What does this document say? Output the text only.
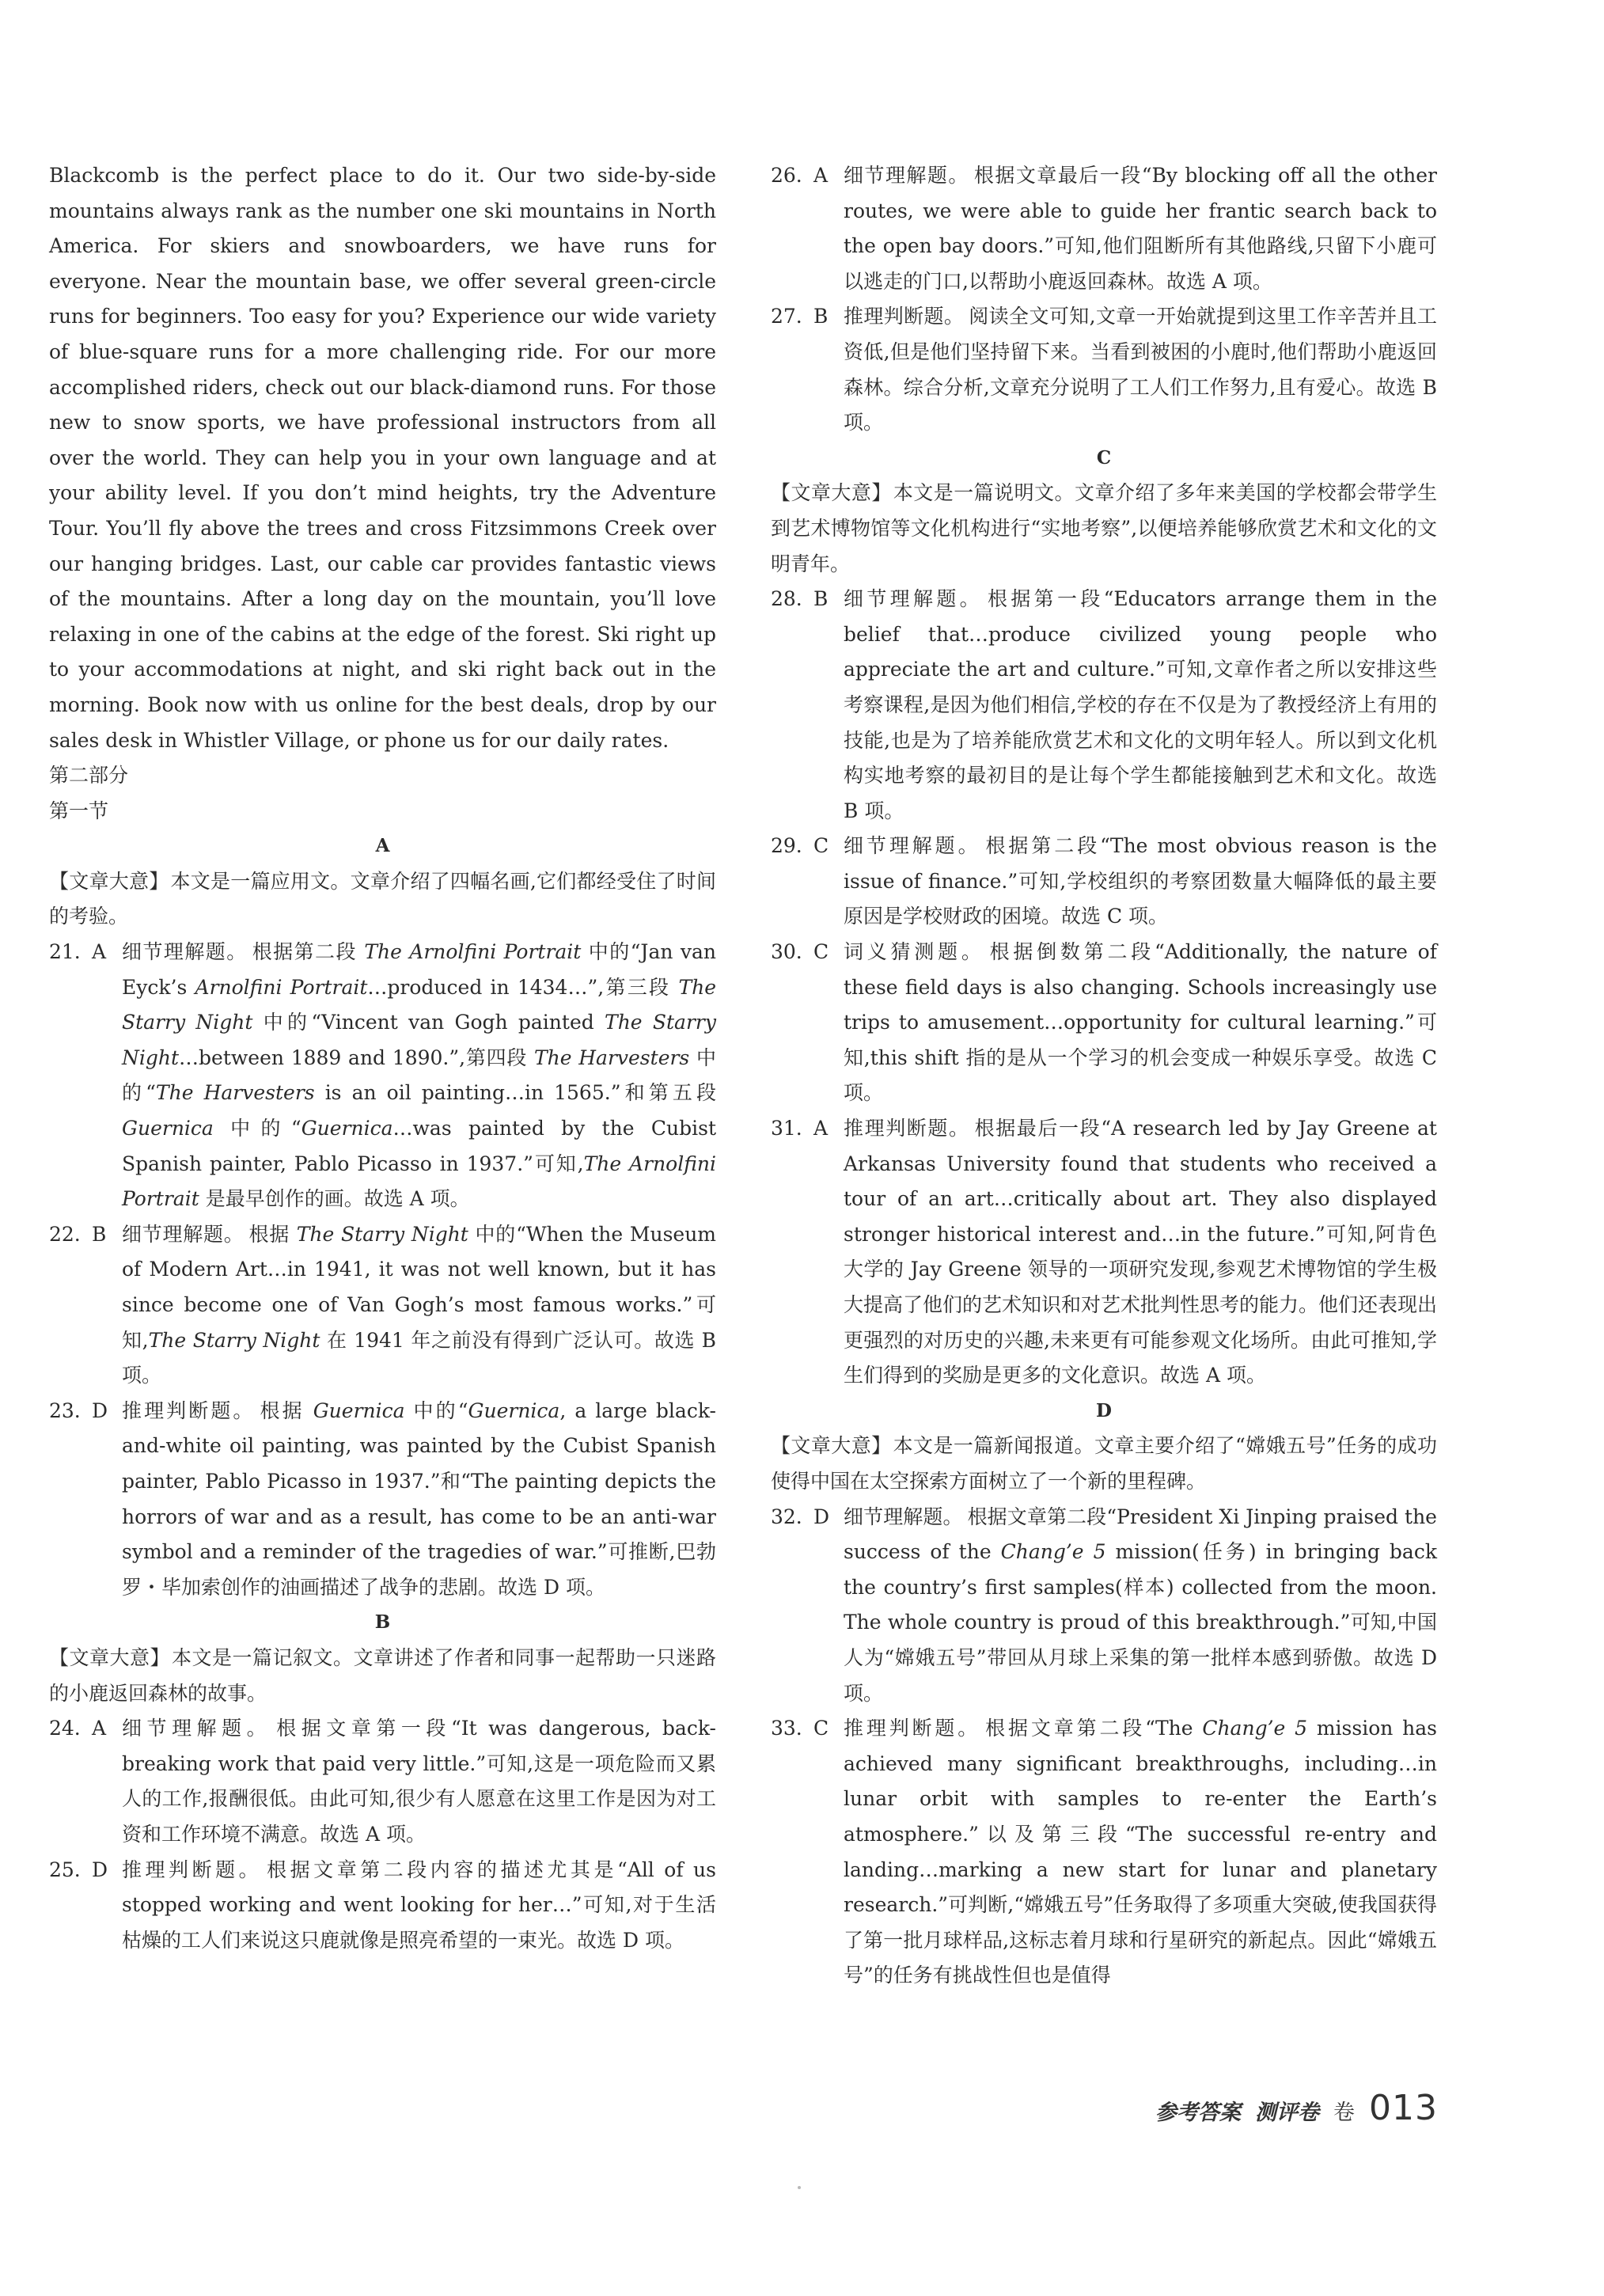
Blackcomb is the perfect place to do it. Our two side-by-side mountains always rank as the number one ski mountains in North America. For skiers and snowboarders, we have runs for everyone. Near the mountain base, we offer several green-circle runs for beginners. Too easy for you? Experience our wide variety of blue-square runs for a more challenging ride. For our more accomplished riders, check out our black-diamond runs. For those new to snow sports, we have professional instructors from all over the world. They can help you in your own language and at your ability level. If you don’t mind heights, try the Adventure Tour. You’ll fly above the trees and cross Fitzsimmons Creek over our hanging bridges. Last, our cable car provides fantastic views of the mountains. After a long day on the mountain, you’ll love relaxing in one of the cabins at the edge of the forest. Ski right up to your accommodations at night, and ski right back out in the morning. Book now with us online for the best deals, drop by our sales desk in Whistler Village, or phone us for our daily rates.

第二部分

第一节

A

【文章大意】本文是一篇应用文。文章介绍了四幅名画,它们都经受住了时间的考验。

21. A 细节理解题。 根据第二段 The Arnolfini Portrait 中的“Jan van Eyck’s Arnolfini Portrait…produced in 1434…”,第三段 The Starry Night 中的“Vincent van Gogh painted The Starry Night…between 1889 and 1890.”,第四段 The Harvesters 中的“The Harvesters is an oil painting…in 1565.”和第五段 Guernica 中的“Guernica…was painted by the Cubist Spanish painter, Pablo Picasso in 1937.”可知,The Arnolfini Portrait 是最早创作的画。故选 A 项。
22. B 细节理解题。 根据 The Starry Night 中的“When the Museum of Modern Art…in 1941, it was not well known, but it has since become one of Van Gogh’s most famous works.”可知,The Starry Night 在 1941 年之前没有得到广泛认可。故选 B 项。
23. D 推理判断题。 根据 Guernica 中的“Guernica, a large black-and-white oil painting, was painted by the Cubist Spanish painter, Pablo Picasso in 1937.”和“The painting depicts the horrors of war and as a result, has come to be an anti-war symbol and a reminder of the tragedies of war.”可推断,巴勃罗・毕加索创作的油画描述了战争的悲剧。故选 D 项。

B

【文章大意】本文是一篇记叙文。文章讲述了作者和同事一起帮助一只迷路的小鹿返回森林的故事。

24. A 细节理解题。 根据文章第一段“It was dangerous, back-breaking work that paid very little.”可知,这是一项危险而又累人的工作,报酬很低。由此可知,很少有人愿意在这里工作是因为对工资和工作环境不满意。故选 A 项。
25. D 推理判断题。 根据文章第二段内容的描述尤其是“All of us stopped working and went looking for her…”可知,对于生活枯燥的工人们来说这只鹿就像是照亮希望的一束光。故选 D 项。
26. A 细节理解题。 根据文章最后一段“By blocking off all the other routes, we were able to guide her frantic search back to the open bay doors.”可知,他们阻断所有其他路线,只留下小鹿可以逃走的门口,以帮助小鹿返回森林。故选 A 项。
27. B 推理判断题。 阅读全文可知,文章一开始就提到这里工作辛苦并且工资低,但是他们坚持留下来。当看到被困的小鹿时,他们帮助小鹿返回森林。综合分析,文章充分说明了工人们工作努力,且有爱心。故选 B 项。

C

【文章大意】本文是一篇说明文。文章介绍了多年来美国的学校都会带学生到艺术博物馆等文化机构进行“实地考察”,以便培养能够欣赏艺术和文化的文明青年。

28. B 细节理解题。 根据第一段“Educators arrange them in the belief that…produce civilized young people who appreciate the art and culture.”可知,文章作者之所以安排这些考察课程,是因为他们相信,学校的存在不仅是为了教授经济上有用的技能,也是为了培养能欣赏艺术和文化的文明年轻人。所以到文化机构实地考察的最初目的是让每个学生都能接触到艺术和文化。故选 B 项。
29. C 细节理解题。 根据第二段“The most obvious reason is the issue of finance.”可知,学校组织的考察团数量大幅降低的最主要原因是学校财政的困境。故选 C 项。
30. C 词义猜测题。 根据倒数第二段“Additionally, the nature of these field days is also changing. Schools increasingly use trips to amusement…opportunity for cultural learning.”可知,this shift 指的是从一个学习的机会变成一种娱乐享受。故选 C 项。
31. A 推理判断题。 根据最后一段“A research led by Jay Greene at Arkansas University found that students who received a tour of an art…critically about art. They also displayed stronger historical interest and…in the future.”可知,阿肯色大学的 Jay Greene 领导的一项研究发现,参观艺术博物馆的学生极大提高了他们的艺术知识和对艺术批判性思考的能力。他们还表现出更强烈的对历史的兴趣,未来更有可能参观文化场所。由此可推知,学生们得到的奖励是更多的文化意识。故选 A 项。

D

【文章大意】本文是一篇新闻报道。文章主要介绍了“嫦娥五号”任务的成功使得中国在太空探索方面树立了一个新的里程碑。

32. D 细节理解题。 根据文章第二段“President Xi Jinping praised the success of the Chang’e 5 mission(任务) in bringing back the country’s first samples(样本) collected from the moon. The whole country is proud of this breakthrough.”可知,中国人为“嫦娥五号”带回从月球上采集的第一批样本感到骄傲。故选 D 项。
33. C 推理判断题。 根据文章第二段“The Chang’e 5 mission has achieved many significant breakthroughs, including…in lunar orbit with samples to re-enter the Earth’s atmosphere.”以及第三段“The successful re-entry and landing…marking a new start for lunar and planetary research.”可判断,“嫦娥五号”任务取得了多项重大突破,使我国获得了第一批月球样品,这标志着月球和行星研究的新起点。因此“嫦娥五号”的任务有挑战性但也是值得
参考答案 测评卷 卷 013
